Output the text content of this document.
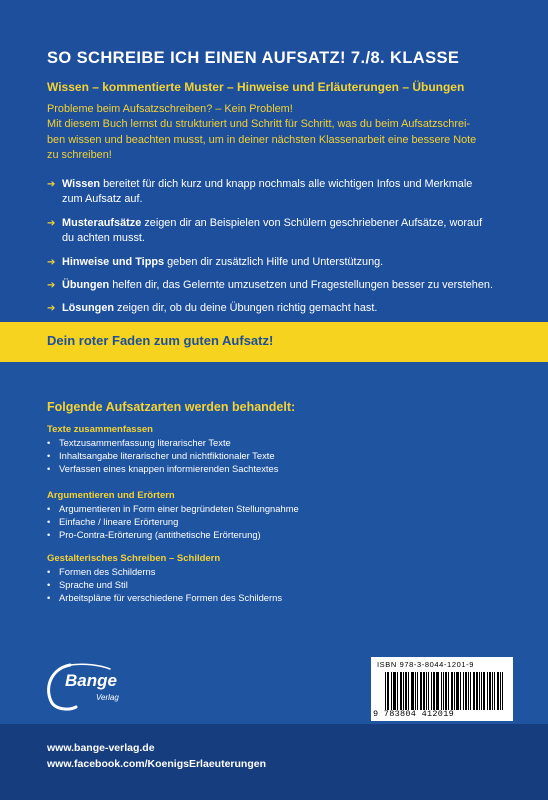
SO SCHREIBE ICH EINEN AUFSATZ! 7./8. KLASSE
Wissen – kommentierte Muster – Hinweise und Erläuterungen – Übungen
Probleme beim Aufsatzschreiben? – Kein Problem!
Mit diesem Buch lernst du strukturiert und Schritt für Schritt, was du beim Aufsatzschrei-
ben wissen und beachten musst, um in deiner nächsten Klassenarbeit eine bessere Note
zu schreiben!
➔ Wissen bereitet für dich kurz und knapp nochmals alle wichtigen Infos und Merkmale
zum Aufsatz auf.
➔ Musteraufsätze zeigen dir an Beispielen von Schülern geschriebener Aufsätze, worauf
du achten musst.
➔ Hinweise und Tipps geben dir zusätzlich Hilfe und Unterstützung.
➔ Übungen helfen dir, das Gelernte umzusetzen und Fragestellungen besser zu verstehen.
➔ Lösungen zeigen dir, ob du deine Übungen richtig gemacht hast.
Dein roter Faden zum guten Aufsatz!
Folgende Aufsatzarten werden behandelt:
Texte zusammenfassen
• Textzusammenfassung literarischer Texte
• Inhaltsangabe literarischer und nichtfiktionaler Texte
• Verfassen eines knappen informierenden Sachtextes
Argumentieren und Erörtern
• Argumentieren in Form einer begründeten Stellungnahme
• Einfache / lineare Erörterung
• Pro-Contra-Erörterung (antithetische Erörterung)
Gestalterisches Schreiben – Schildern
• Formen des Schilderns
• Sprache und Stil
• Arbeitspläne für verschiedene Formen des Schilderns
Bange
Verlag
ISBN 978-3-8044-1201-9
9 783804 412019
www.bange-verlag.de
www.facebook.com/KoenigsErlaeuterungen
